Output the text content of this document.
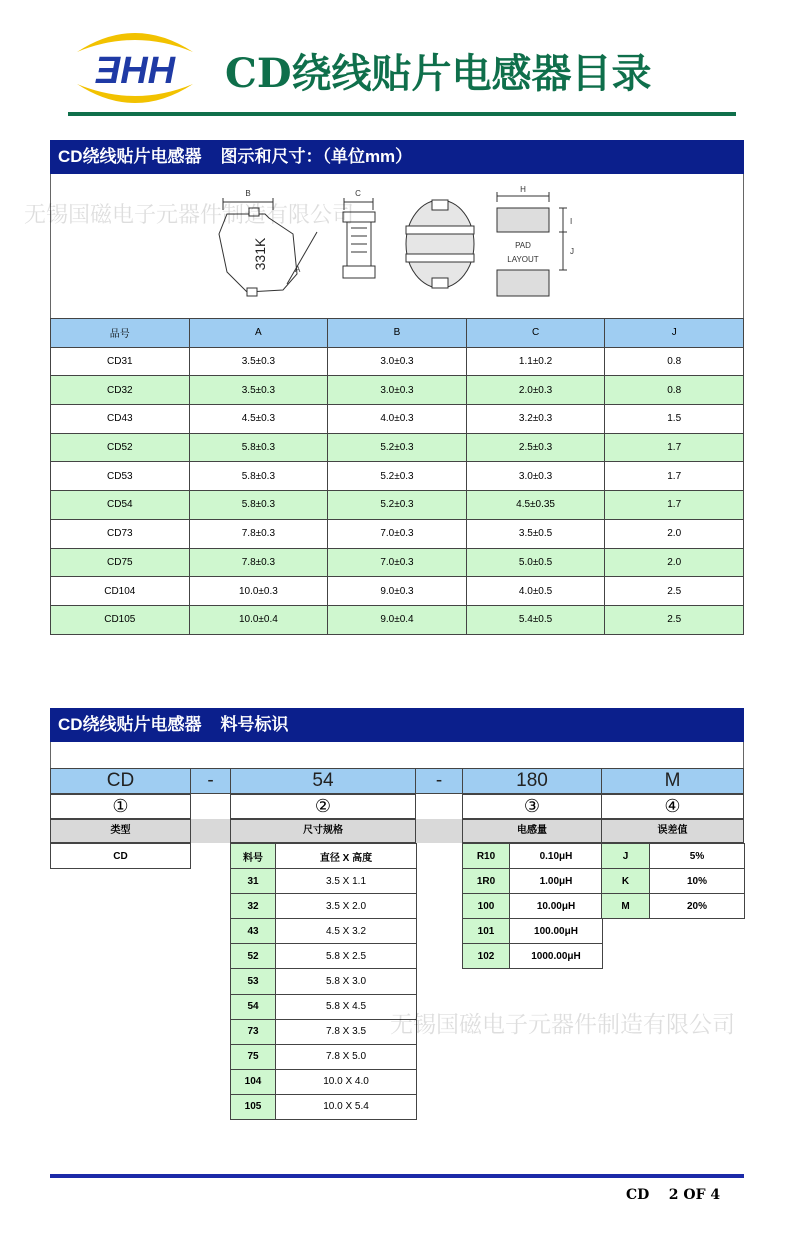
ƎHH CD绕线贴片电感器目录
CD绕线贴片电感器    图示和尺寸：（单位mm）
B
A
331K
C	H
I
J
PAD
LAYOUT
无锡国磁电子元器件制造有限公司
品号	A	B	C	J
CD31	3.5±0.3	3.0±0.3	1.1±0.2	0.8
CD32	3.5±0.3	3.0±0.3	2.0±0.3	0.8
CD43	4.5±0.3	4.0±0.3	3.2±0.3	1.5
CD52	5.8±0.3	5.2±0.3	2.5±0.3	1.7
CD53	5.8±0.3	5.2±0.3	3.0±0.3	1.7
CD54	5.8±0.3	5.2±0.3	4.5±0.35	1.7
CD73	7.8±0.3	7.0±0.3	3.5±0.5	2.0
CD75	7.8±0.3	7.0±0.3	5.0±0.5	2.0
CD104	10.0±0.3	9.0±0.3	4.0±0.5	2.5
CD105	10.0±0.4	9.0±0.4	5.4±0.5	2.5
CD绕线贴片电感器    料号标识
CD	-	54	-	180	M
①	②	③	④
类型	尺寸规格	电感量	误差值
CD	料号	直径 X 高度
31	3.5 X 1.1
32	3.5 X 2.0
43	4.5 X 3.2
52	5.8 X 2.5
53	5.8 X 3.0
54	5.8 X 4.5
73	7.8 X 3.5
75	7.8 X 5.0
104	10.0 X 4.0
105	10.0 X 5.4
R10	0.10μH
1R0	1.00μH
100	10.00μH
101	100.00μH
102	1000.00μH
J	5%
K	10%
M	20%
无锡国磁电子元器件制造有限公司
CD    2 OF 4
